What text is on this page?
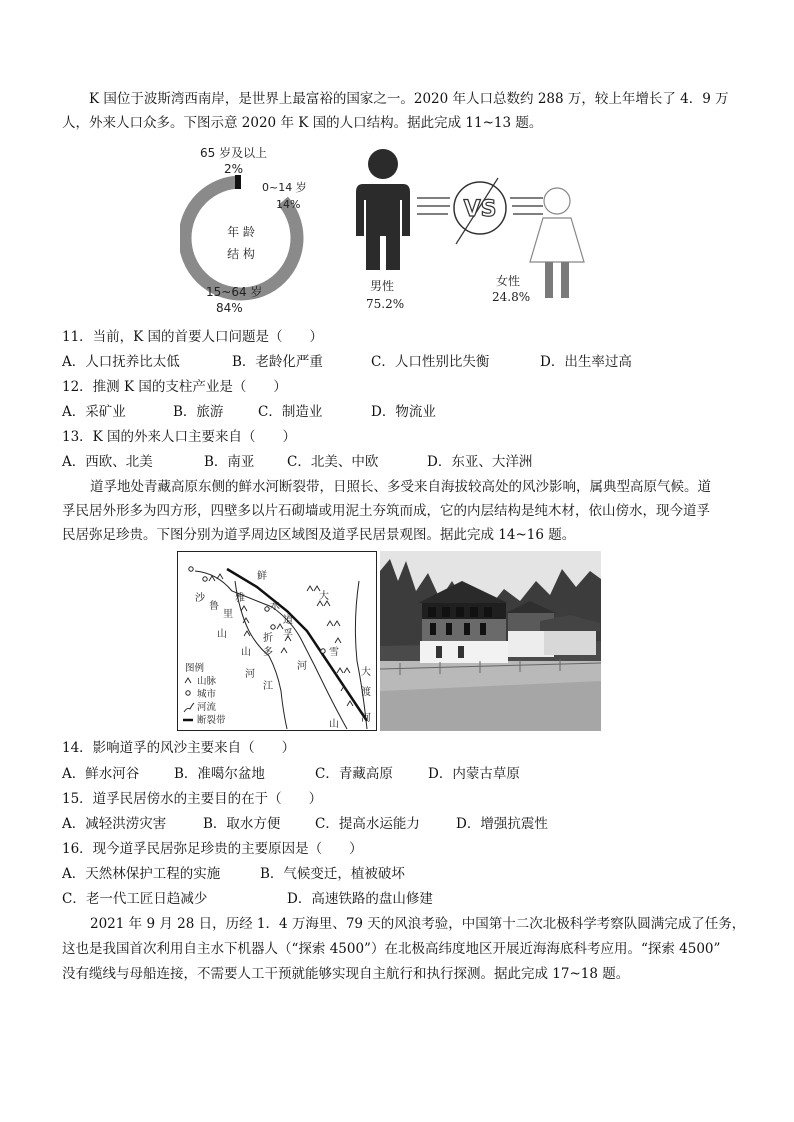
K 国位于波斯湾西南岸，是世界上最富裕的国家之一。2020 年人口总数约 288 万，较上年增长了 4．9 万
人，外来人口众多。下图示意 2020 年 K 国的人口结构。据此完成 11~13 题。
年 龄
结 构
65 岁及以上
2%
0~14 岁
14%
15~64 岁
84%
男性
75.2%
VS
女性
24.8%
11．当前，K 国的首要人口问题是（　　）
A．人口抚养比太低	B．老龄化严重	C．人口性别比失衡	D．出生率过高
12．推测 K 国的支柱产业是（　　）
A．采矿业	B．旅游	C．制造业	D．物流业
13．K 国的外来人口主要来自（　　）
A．西欧、北美	B．南亚 C．北美、中欧	D．东亚、大洋洲
道孚地处青藏高原东侧的鲜水河断裂带，日照长、多受来自海拔较高处的风沙影响，属典型高原气候。道
孚民居外形多为四方形，四壁多以片石砌墙或用泥土夯筑而成，它的内层结构是纯木材，依山傍水，现今道孚
民居弥足珍贵。下图分别为道孚周边区域图及道孚民居景观图。据此完成 14~16 题。
鲜
水
河
大
雅
沙
鲁
里
山
道
孚
折
多
山	雪
河
江
大
渡
河
山
图例
山脉
城市
河流
断裂带
14．影响道孚的风沙主要来自（　　）
A．鲜水河谷	B．准噶尔盆地	C．青藏高原	D．内蒙古草原
15．道孚民居傍水的主要目的在于（　　）
A．减轻洪涝灾害	B．取水方便	C．提高水运能力	D．增强抗震性
16．现今道孚民居弥足珍贵的主要原因是（　　）
A．天然林保护工程的实施	B．气候变迁，植被破坏
C．老一代工匠日趋减少	D．高速铁路的盘山修建
2021 年 9 月 28 日，历经 1．4 万海里、79 天的风浪考验，中国第十二次北极科学考察队圆满完成了任务，
这也是我国首次利用自主水下机器人（“探索 4500”）在北极高纬度地区开展近海海底科考应用。“探索 4500”
没有缆线与母船连接，不需要人工干预就能够实现自主航行和执行探测。据此完成 17~18 题。
